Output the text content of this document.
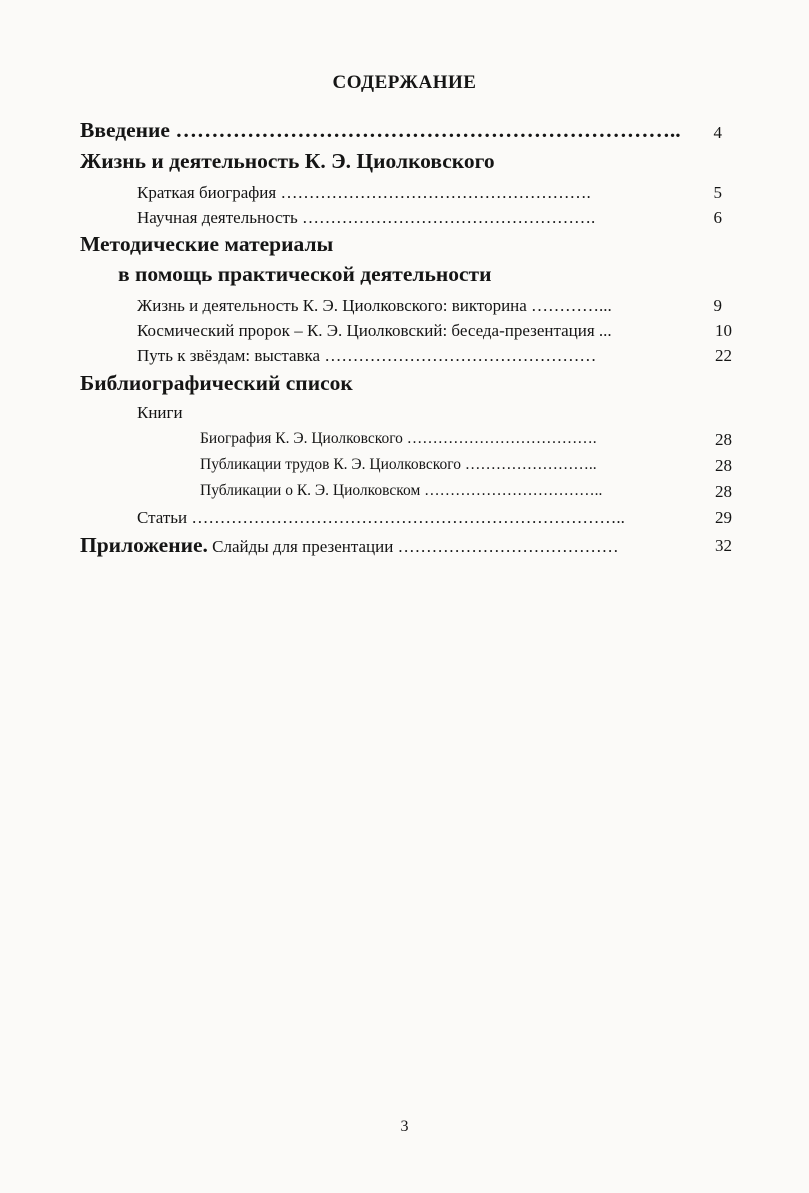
СОДЕРЖАНИЕ
Введение ……………………………………………………………..	4
Жизнь и деятельность К. Э. Циолковского
Краткая биография ……………………………………………….	5
Научная деятельность …………………………………………….	6
Методические материалы
в помощь практической деятельности
Жизнь и деятельность К. Э. Циолковского: викторина …………...	9
Космический пророк – К. Э. Циолковский: беседа-презентация ...	10
Путь к звёздам: выставка …………………………………………	22
Библиографический список
Книги
Биография К. Э. Циолковского ……………………………….	28
Публикации трудов К. Э. Циолковского ……………………..	28
Публикации о К. Э. Циолковском ……………………………..	28
Статьи …………………………………………………………………..	29
Приложение. Слайды для презентации …………………………………	32
3
